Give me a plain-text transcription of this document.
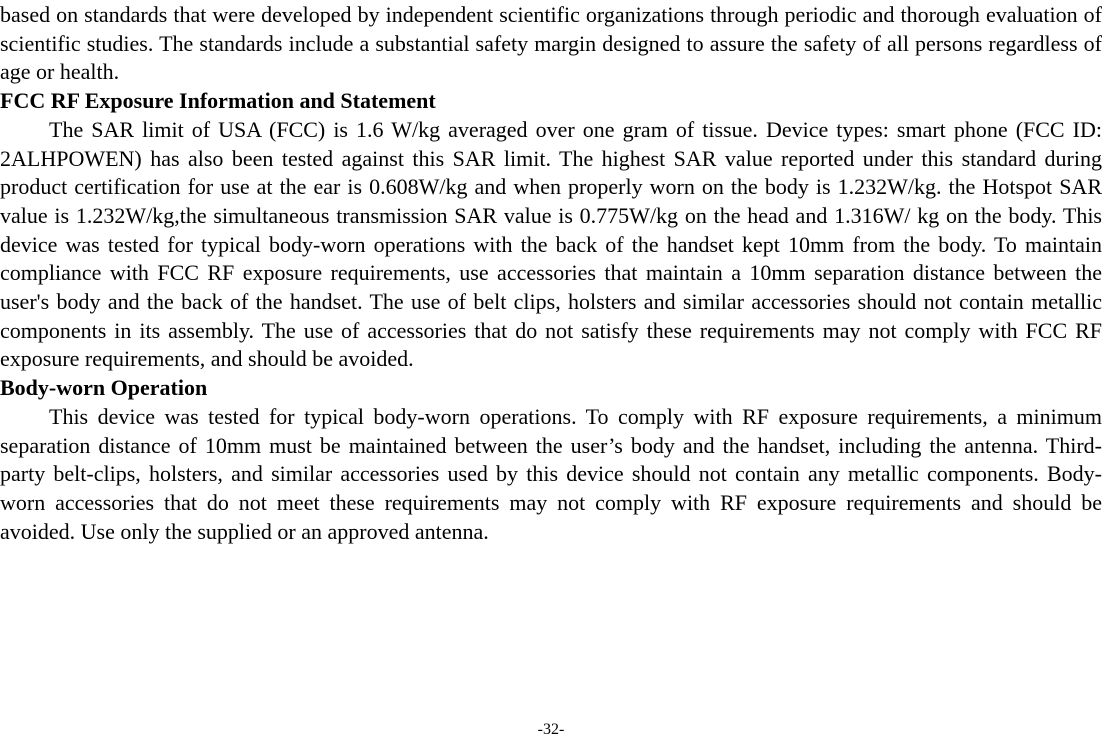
based on standards that were developed by independent scientific organizations through periodic and thorough evaluation of scientific studies. The standards include a substantial safety margin designed to assure the safety of all persons regardless of age or health.

FCC RF Exposure Information and Statement

The SAR limit of USA (FCC) is 1.6 W/kg averaged over one gram of tissue. Device types: smart phone (FCC ID: 2ALHPOWEN) has also been tested against this SAR limit. The highest SAR value reported under this standard during product certification for use at the ear is 0.608W/kg and when properly worn on the body is 1.232W/kg. the Hotspot SAR value is 1.232W/kg,the simultaneous transmission SAR value is 0.775W/kg on the head and 1.316W/ kg on the body. This device was tested for typical body-worn operations with the back of the handset kept 10mm from the body. To maintain compliance with FCC RF exposure requirements, use accessories that maintain a 10mm separation distance between the user's body and the back of the handset. The use of belt clips, holsters and similar accessories should not contain metallic components in its assembly. The use of accessories that do not satisfy these requirements may not comply with FCC RF exposure requirements, and should be avoided.

Body-worn Operation

This device was tested for typical body-worn operations. To comply with RF exposure requirements, a minimum separation distance of 10mm must be maintained between the user’s body and the handset, including the antenna. Third-party belt-clips, holsters, and similar accessories used by this device should not contain any metallic components. Body-worn accessories that do not meet these requirements may not comply with RF exposure requirements and should be avoided. Use only the supplied or an approved antenna.

-32-
